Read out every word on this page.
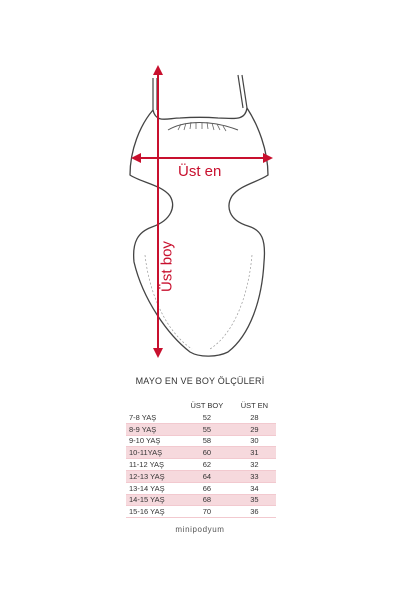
Üst en
Üst boy
MAYO EN VE BOY ÖLÇÜLERİ
	ÜST BOY	ÜST EN
7-8 YAŞ	52	28
8-9 YAŞ	55	29
9-10 YAŞ	58	30
10-11YAŞ	60	31
11-12 YAŞ	62	32
12-13 YAŞ	64	33
13-14 YAŞ	66	34
14-15 YAŞ	68	35
15-16 YAŞ	70	36
minipodyum
